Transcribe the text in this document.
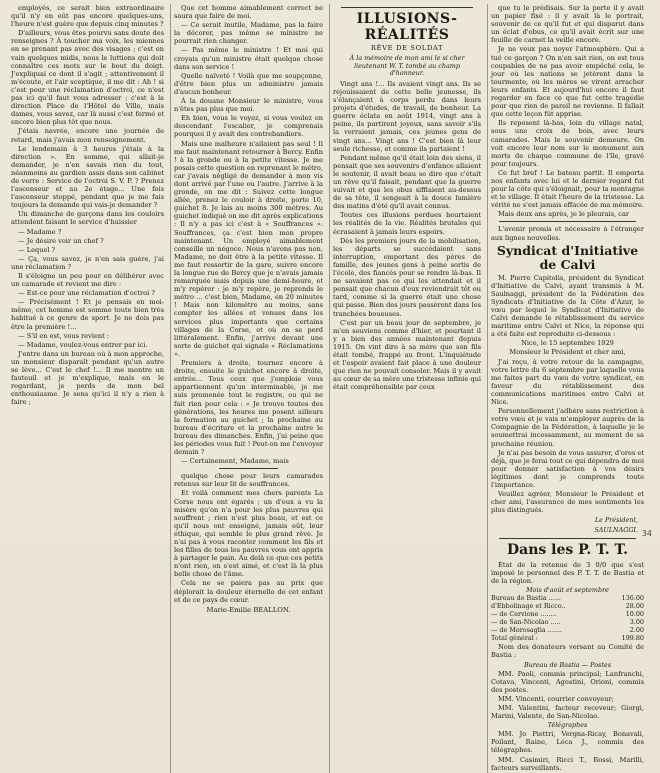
employés, ce serait bien extraordinaire qu'il n'y en eût pas encore quelques-uns, l'heure n'est guère que depuis cinq minutes ?

D'ailleurs, vous êtes pourvu sans doute des renseignes ? À toucher ma voix, les miennes en se prenant pas avec des visages ; c'est en vain quelques midis, nous le luttions qui doit connaître ces mots sur le bout du doigt. J'expliquai ce dont il s'agit ; attentivement il m'écoute, et l'air sceptique, il me dit : Ah ! si c'est pour une réclamation d'octroi, ce n'est pas ici qu'il faut vous adresser ; c'est à la direction Place de l'Hôtel de Ville, mais dames, vous savez, car là aussi c'est fermé et encore bien plus tôt que nous.

J'étais navrée, encore une journée de retard, mais j'avais mon renseignement.

Le lendemain à 3 heures j'étais à la direction ». En somme, qui allait-je demander, je n'en savais rien du tout, néanmoins au gardien assis dans son cabinet de verre : Service de l'octroi S. V. P. ? Prenez l'ascenseur et au 2e étage... Une fois l'ascenseur stoppé, pendant que je me fais toujours la demande qui vais-je demander ?

Un dimanche de garçons dans les couloirs attendent faisant le service d'huissier

— Madame ?

— Je désire voir un chef ?

— Lequel ?

— Ça, vous savez, je n'en sais guère, j'ai une réclamation ?

Il s'éloigne un peu pour en délibérer avec un camarade et revient me dire :

— Est-ce pour une réclamation d'octroi ?

— Précisément ! Et je pensais en moi-même, cet homme est somme toute bien très habitué à ce genre de sport. Je ne dois pas être la première !...

— S'il en est, vous revient :

— Madame, voulez-vous entrer par ici.

J'entre dans un bureau où à mon approche, un monsieur disparaît pendant qu'un autre se lève... C'est le chef !... Il me montre un fauteuil et je m'explique, mais en le regardant, je perds de mon bel enthousiasme. Je sens qu'ici il n'y a rien à faire ;

Que cet homme aimablement correct ne saura que faire de moi.

— Ce serait inutile, Madame, pas la faire la décorer, pas même se ministre ne pourrait rien changer.

— Pas même le ministre ! Et moi qui croyais qu'un ministre était quelque chose dans son service !

Quelle naïveté ! Voilà que me soupçonne, d'être bien plus un administre jamais d'aucun bonheur.

À la douane Monsieur le ministre, vous n'êtes pas plus que moi.

Eh bien, vous le voyez, si vous voulez en descendant l'escalier, je comprenais pourquoi il y avait des contrebandiers.

Mais une malheure n'ailaient pas seul ! Il me faut maintenant retourner à Bercy. Enfin ! à la gronde ou à la petite vitesse. Je me posais cette question en reprenant le métro, car j'avais négligé de demander à mon vis dont arrivé par l'une ou l'autre. J'arrive à la gronde, on me dit : Suivez cette longue allée, prenez le couloir à droite, porte 10, guichet 8. Je lais au moins 300 mètres. Au guichet indiqué on me dit après explications : Il n'y a pas ici c'est à « Souffrances ». Souffrances, ça c'est bien mon propre maintenant. Un employé aimablement conseille un négoce. Nous n'avons pas non, Madame, ne doit être à la petite vitesse. Il me faut ressortir de la gare, suivre encore la longue rue de Bercy que je n'avais jamais remarquée mais depuis une demi-heure, et m'y repérer : je m'y repère, je reprends le métro ... c'est bien, Madame, en 20 minutes ! Mais non kilomètre au moins, sans compter les allées et venues dans les services plus importants que certains villages de la Corse, et où on se perd littéralement. Enfin, j'arrive devant une sorte de guichet qui signale « Réclamations ».

Premiers à droite, tournez encore à droite, ensuite le guichet encore à droite, entrée... Tous ceux que j'emploie vous appartiennent qu'un interminable, je me suis promenée tout le registre, ou qui ne fait rien pour cela : « Je trouve toutes des générations, les heures me posent ailleurs la formation au guichet ; la prochaine au bureau d'écriture et la prochaine autre le bureau des dimanches. Enfin, j'ai peine que les périodes vous fuit ! Peut-on me l'envoyer demain ?

— Certainement, Madame, mais

quelque chose pour leurs camarades retenus sur leur lit de souffrances.

Et voilà comment mes chers parents La Corse nous ont égarés ; un d'eux a vu la misère qu'on n'a pour les plus pauvres qui souffrent ; rien n'est plus beau, et est ce qu'il nous ont enseigné, jamais eût, leur éthique, qui semble le plus grand rêve. Je n'ai pas à vous raconter comment les fils et les filles de tous les pauvres vous ont appris à partager le pain. Au delà ce que ces petits n'ont rien, on s'est aimé, et c'est là la plus belle chose de l'âme.

Cela ne se paiera pas au prix que déplorait la douleur éternelle de cet enfant et de ce pays de cœur.

Marie-Emilie BEALLON.
ILLUSIONS-RÉALITÉS
RÊVE DE SOLDAT
À la mémoire de mon ami le si cher lieutenant W. T. tombé au champ d'honneur.

Vingt ans !... Ils avaient vingt ans. Ils se réjouissaient de cette belle jeunesse, ils s'élançaient à corps perdu dans leurs projets d'études, de travail, de bonheur. La guerre éclata en août 1914, vingt ans à peine, ils partirent joyeux, sans savoir s'ils la verraient jamais, ces jeunes gens de vingt ans... Vingt ans ! C'est bien là leur seule richesse, et comme ils partaient !

Pendant même qu'il était loin des siens, il pensait que ses souvenirs d'enfance allaient le soutenir, il avait beau se dire que c'était un rêve qu'il faisait, pendant que la guerre suivait et que les obus sifflaient au-dessus de sa tête, il songeait à la douce lumière des matins d'été qu'il avait connus.

Toutes ces illusions perdues heurtaient les réalités de la vie. Réalités brutales qui écrasaient à jamais leurs espoirs.

Dès les premiers jours de la mobilisation, les départs se succédaient sans interruption, emportant des pères de famille, des jeunes gens à peine sortis de l'école, des fiancés pour se rendre là-bas. Il ne savaient pas ce qui les attendait et il pensait que chacun d'eux reviendrait tôt ou tard, comme si la guerre était une chose qui passe. Bien des jours passèrent dans les tranchées boueuses.

C'est par un beau jour de septembre, je m'en souviens comme d'hier, et pourtant il y a bien des années maintenant depuis 1915. On vint dire à sa mère que son fils était tombé, frappé au front. L'inquiétude et l'espoir avaient fait place à une douleur que rien ne pouvait consoler. Mais il y avait au cœur de sa mère une tristesse infinie qui était compréhensible par ceux

que tu le prédisais. Sur la porte il y avait un papier fixé : il y avait là le portrait, souvenir de ce qu'il fut et qui disparut dans un éclat d'obus, ce qu'il avait écrit sur une feuille de carnet la veille encore.

Je ne veux pas noyer l'atmosphère. Qui a tué ce garçon ? On n'en sait rien, on est tous coupables de ne pas avoir empêché cela, le jour où les nations se jetèrent dans la tourmente, où les mères se virent arracher leurs enfants. Et aujourd'hui encore il faut regarder en face ce que fut cette tragédie pour que rien de pareil ne revienne. Il fallait que cette leçon fût apprise.

Ils reposent là-bas, loin du village natal, sous une croix de bois, avec leurs camarades. Mais le souvenir demeure. On voit encore leur nom sur le monument aux morts de chaque commune de l'île, gravé pour toujours.

Ce fut bref ! Le bateau partit. Il emporta nos enfants avec lui et le dernier regard fut pour la côte qui s'éloignait, pour la montagne et le village. Il était l'heure de la tristesse. La vérité ne s'est jamais effacée de ma mémoire.

Mais deux ans après, je le pleurais, car

L'avenir promis et nécessaire à l'étranger aux lignes nouvelles.

Syndicat d'Initiative de Calvi

M. Pierre Capitolis, président du Syndicat d'Initiative de Calvi, ayant transmis à M. Saulnaggi, président de la Fédération des Syndicats d'Initiative de la Côte d'Azur, le vœu par lequel le Syndicat d'Initiative de Calvi demande le rétablissement du service maritime entre Calvi et Nice, la réponse qui a été faite est reproduite ci-dessous :

Nice, le 15 septembre 1929

Monsieur le Président et cher ami,

J'ai reçu, à votre retour de la campagne, votre lettre du 6 septembre par laquelle vous me faites part du vœu de votre syndicat, en faveur du rétablissement des communications maritimes entre Calvi et Nice.

Personnellement j'adhère sans restriction à votre vœu et je vais m'employer auprès de la Compagnie de la Fédération, à laquelle je le soumettrai incessamment, au moment de sa prochaine réunion.

Je n'ai pas besoin de vous assurer, d'ores et déjà, que je ferai tout ce qui dépendra de moi pour donner satisfaction à vos désirs légitimes dont je comprends toute l'importance.

Veuillez agréer, Monsieur le Président et cher ami, l'assurance de mes sentiments les plus distingués.

Le Président,
SAULNAGGI.
Dans les P. T. T.

État de la retenue de 3 0/0 que s'est imposé le personnel des P. T. T. de Bastia et de la région.

Mois d'août et septembre
Bureau de Bastia ......	136.00
d'Ebbolinage et Ricco..	28.00
— de Cervione ........	10.00
— de San-Nicolao .....	3.00
— de Morosaglia .......	2.00
Total général :	199.80

Nom des donateurs versant au Comité de Bastia :

Bureau de Bastia — Postes

MM. Paoli, commis principal; Lanfranchi, Cotava, Vincenti, Agostini, Orioni, commis des postes.

MM. Vincenti, courrier convoyeur;

MM. Valentini, facteur receveur; Giorgi, Marini, Valente, de San-Nicolao.

Télégraphes

MM. Jo Piettri, Vergna-Ricay, Bonavali, Poilant, Raine, Léca J., commis des télégraphes.

MM. Casimiri, Ricci T., Rossi, Marilli, facteurs surveillants.

34
